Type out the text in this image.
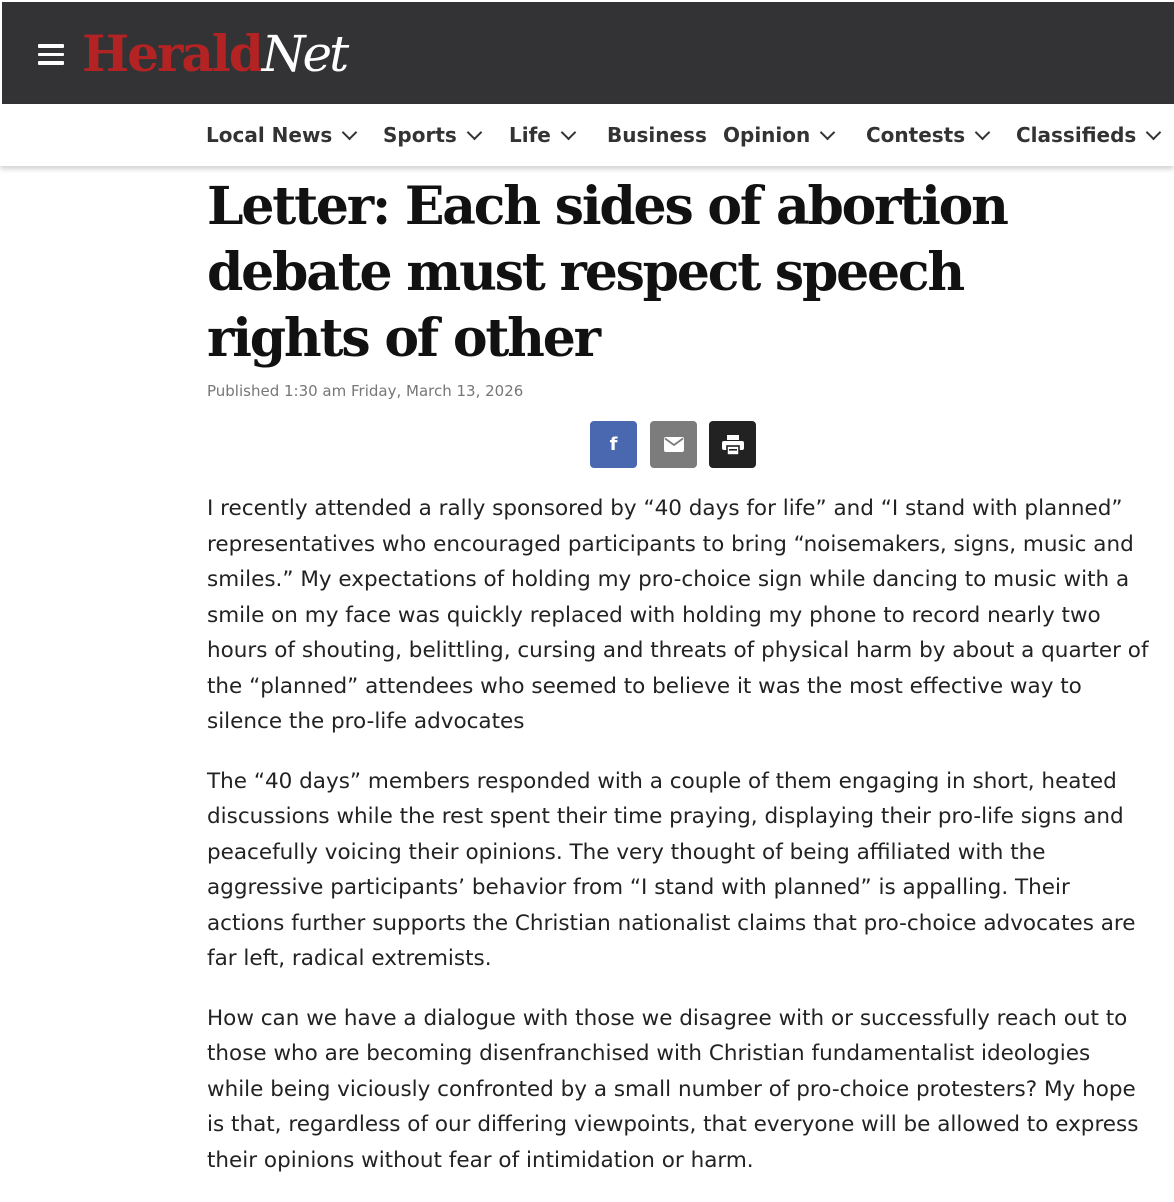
HeraldNet
Local News	Sports	Life	Business Opinion	Contests	Classifieds
Letter: Each sides of abortion debate must respect speech rights of other
Published 1:30 am Friday, March 13, 2026
f

I recently attended a rally sponsored by “40 days for life” and “I stand with planned” representatives who encouraged participants to bring “noisemakers, signs, music and smiles.” My expectations of holding my pro-choice sign while dancing to music with a smile on my face was quickly replaced with holding my phone to record nearly two hours of shouting, belittling, cursing and threats of physical harm by about a quarter of the “planned” attendees who seemed to believe it was the most effective way to silence the pro-life advocates

The “40 days” members responded with a couple of them engaging in short, heated discussions while the rest spent their time praying, displaying their pro-life signs and peacefully voicing their opinions. The very thought of being affiliated with the aggressive participants’ behavior from “I stand with planned” is appalling. Their actions further supports the Christian nationalist claims that pro-choice advocates are far left, radical extremists.

How can we have a dialogue with those we disagree with or successfully reach out to those who are becoming disenfranchised with Christian fundamentalist ideologies while being viciously confronted by a small number of pro-choice protesters? My hope is that, regardless of our differing viewpoints, that everyone will be allowed to express their opinions without fear of intimidation or harm.
